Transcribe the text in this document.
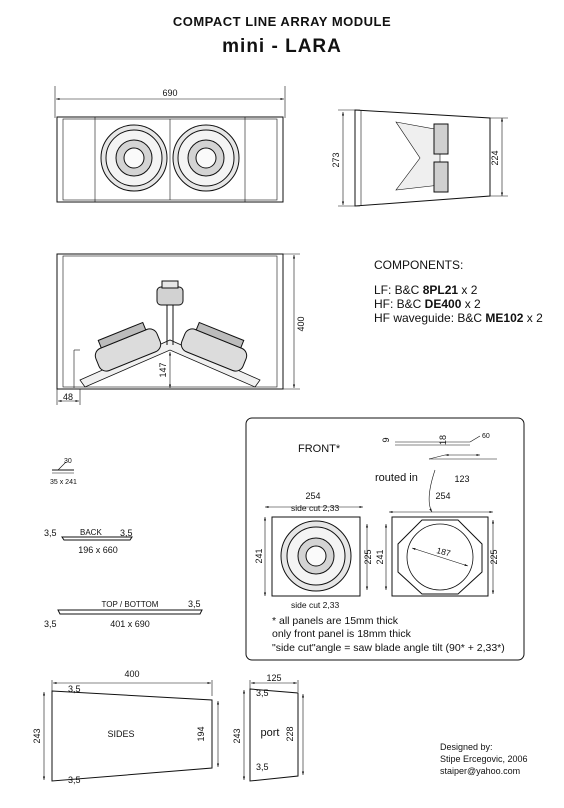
COMPACT LINE ARRAY MODULE
mini - LARA
690
273	224
400
147
48
FRONT*
9	18	60
routed in	123
254
side cut 2,33
254
241	225 241	225
187
side cut 2,33
30
35 x 241
3,5	BACK 3,5
196 x 660
TOP / BOTTOM	3,5
3,5	401 x 690
400
3,5
SIDES
243	194
3,5
125
3,5
port
243	228
3,5
COMPONENTS:
LF: B&C 8PL21 x 2
HF: B&C DE400 x 2
HF waveguide: B&C ME102 x 2
* all panels are 15mm thick
only front panel is 18mm thick
"side cut"angle = saw blade angle tilt (90* + 2,33*)
Designed by:
Stipe Ercegovic, 2006
staiper@yahoo.com
